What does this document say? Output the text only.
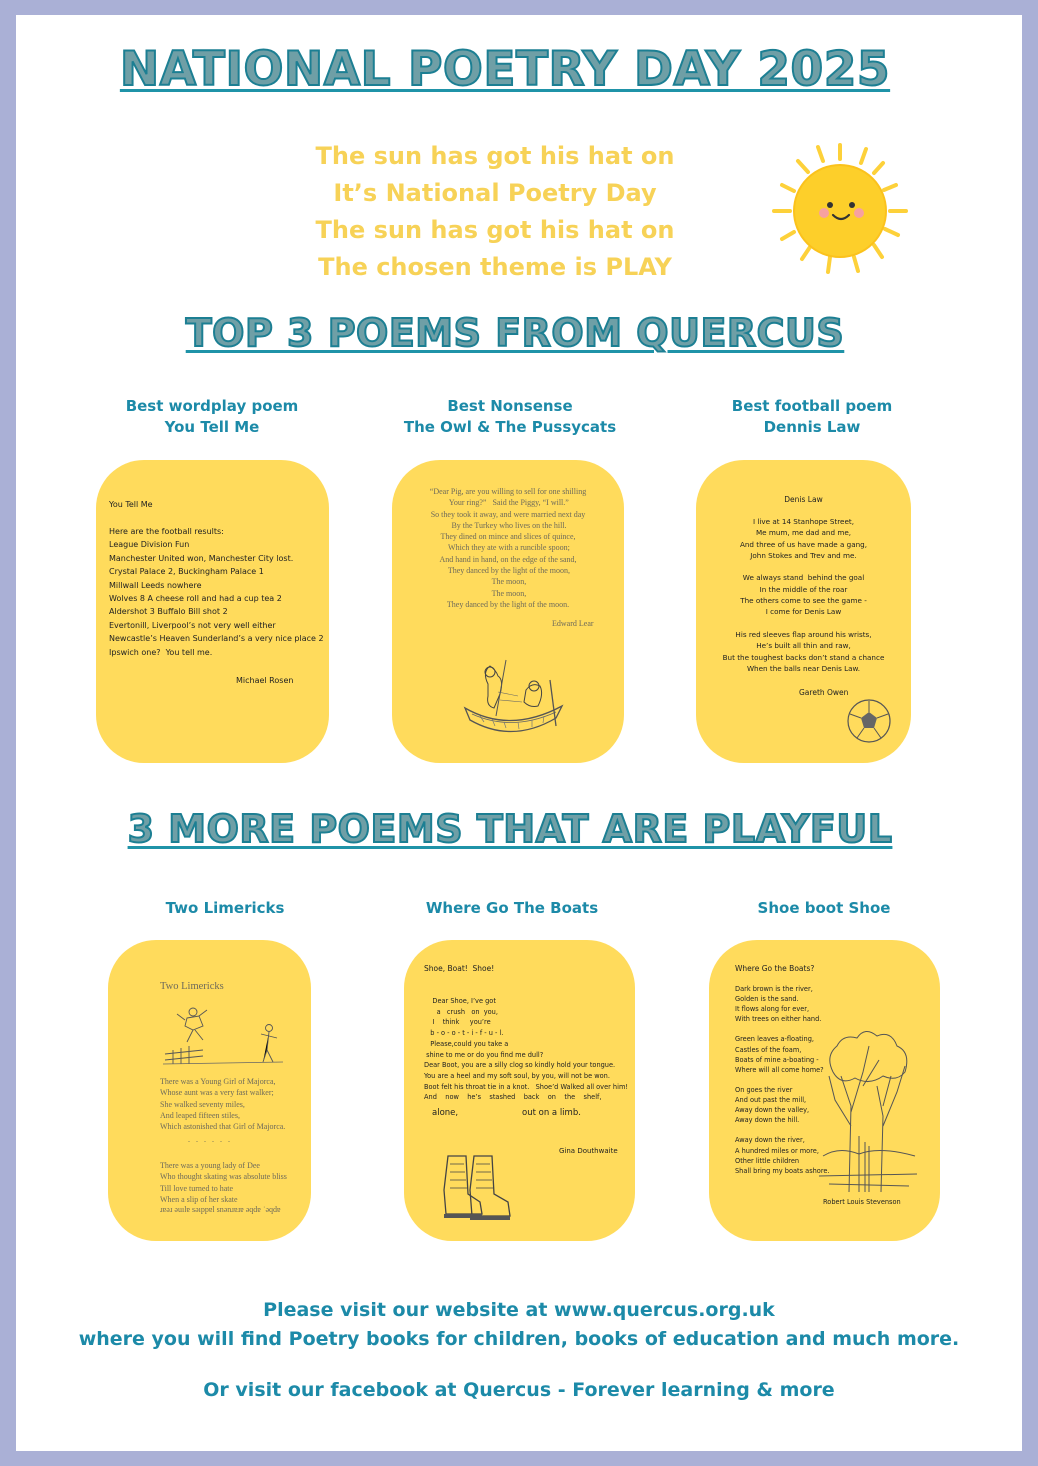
NATIONAL POETRY DAY 2025
The sun has got his hat on
It’s National Poetry Day
The sun has got his hat on
The chosen theme is PLAY
TOP 3 POEMS FROM QUERCUS
Best wordplay poem
You Tell Me
Best Nonsense
The Owl & The Pussycats
Best football poem
Dennis Law
You Tell Me
Here are the football results:
League Division Fun
Manchester United won, Manchester City lost.
Crystal Palace 2, Buckingham Palace 1
Millwall Leeds nowhere
Wolves 8 A cheese roll and had a cup tea 2
Aldershot 3 Buffalo Bill shot 2
Evertonill, Liverpool’s not very well either
Newcastle’s Heaven Sunderland’s a very nice place 2
Ipswich one?  You tell me.
Michael Rosen
“Dear Pig, are you willing to sell for one shilling
Your ring?”   Said the Piggy, “I will.”
So they took it away, and were married next day
By the Turkey who lives on the hill.
They dined on mince and slices of quince,
Which they ate with a runcible spoon;
And hand in hand, on the edge of the sand,
They danced by the light of the moon,
The moon,
The moon,
They danced by the light of the moon.
Edward Lear
Denis Law
I live at 14 Stanhope Street,
Me mum, me dad and me,
And three of us have made a gang,
John Stokes and Trev and me.

We always stand  behind the goal
In the middle of the roar
The others come to see the game -
I come for Denis Law

His red sleeves flap around his wrists,
He’s built all thin and raw,
But the toughest backs don’t stand a chance
When the balls near Denis Law.
Gareth Owen
3 MORE POEMS THAT ARE PLAYFUL
Two Limericks	Where Go The Boats	Shoe boot Shoe
Two Limericks
There was a Young Girl of Majorca,
Whose aunt was a very fast walker;
She walked seventy miles,
And leaped fifteen stiles,
Which astonished that Girl of Majorca.
.   .   .   .   .   .
There was a young lady of Dee
Who thought skating was absolute bliss
Till love turned to hate
When a slip of her skate
ɹɐǝɹ ǝuılɐ sǝıppɐl snǝnɹɐɹɐ ǝqdɐ ˙ǝqdɐ
Shoe, Boat!  Shoe!
Dear Shoe, I’ve got
a   crush   on  you,
I    think     you’re
b - o - o - t - i - f - u - l.
Please,could you take a
shine to me or do you find me dull?
Dear Boot, you are a silly clog so kindly hold your tongue.
You are a heel and my soft soul, by you, will not be won.
Boot felt his throat tie in a knot.   Shoe’d Walked all over him!
And    now    he’s    stashed    back    on    the    shelf,
alone,	out on a limb.
Gina Douthwaite
Where Go the Boats?
Dark brown is the river,
Golden is the sand.
It flows along for ever,
With trees on either hand.

Green leaves a-floating,
Castles of the foam,
Boats of mine a-boating -
Where will all come home?

On goes the river
And out past the mill,
Away down the valley,
Away down the hill.

Away down the river,
A hundred miles or more,
Other little children
Shall bring my boats ashore.
Robert Louis Stevenson
Please visit our website at www.quercus.org.uk
where you will find Poetry books for children, books of education and much more.
Or visit our facebook at Quercus - Forever learning & more
